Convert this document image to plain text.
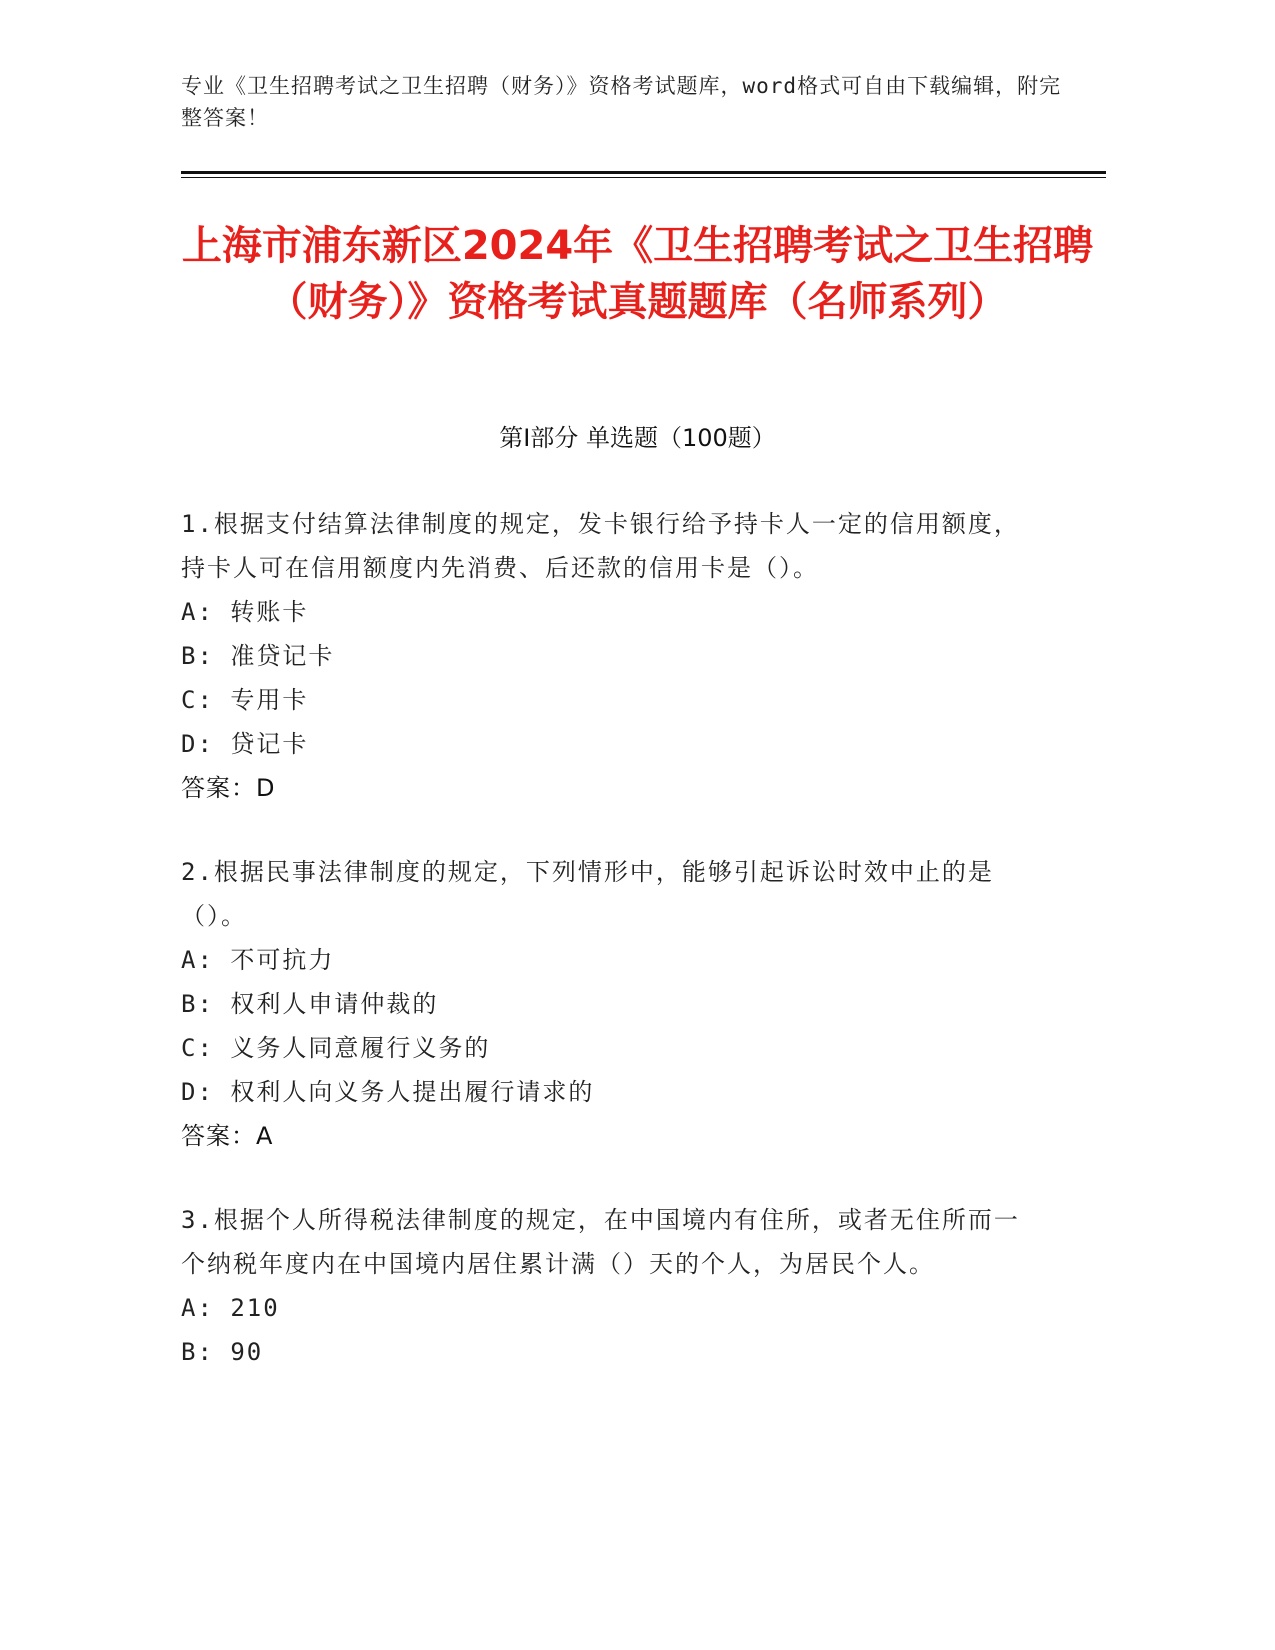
专业《卫生招聘考试之卫生招聘（财务）》资格考试题库，word格式可自由下载编辑，附完整答案！
上海市浦东新区2024年《卫生招聘考试之卫生招聘（财务）》资格考试真题题库（名师系列）
第I部分 单选题（100题）

1.根据支付结算法律制度的规定，发卡银行给予持卡人一定的信用额度，持卡人可在信用额度内先消费、后还款的信用卡是（）。

A: 转账卡

B: 准贷记卡

C: 专用卡

D: 贷记卡

答案：D

2.根据民事法律制度的规定，下列情形中，能够引起诉讼时效中止的是（）。

A: 不可抗力

B: 权利人申请仲裁的

C: 义务人同意履行义务的

D: 权利人向义务人提出履行请求的

答案：A

3.根据个人所得税法律制度的规定，在中国境内有住所，或者无住所而一个纳税年度内在中国境内居住累计满（）天的个人，为居民个人。

A: 210

B: 90
